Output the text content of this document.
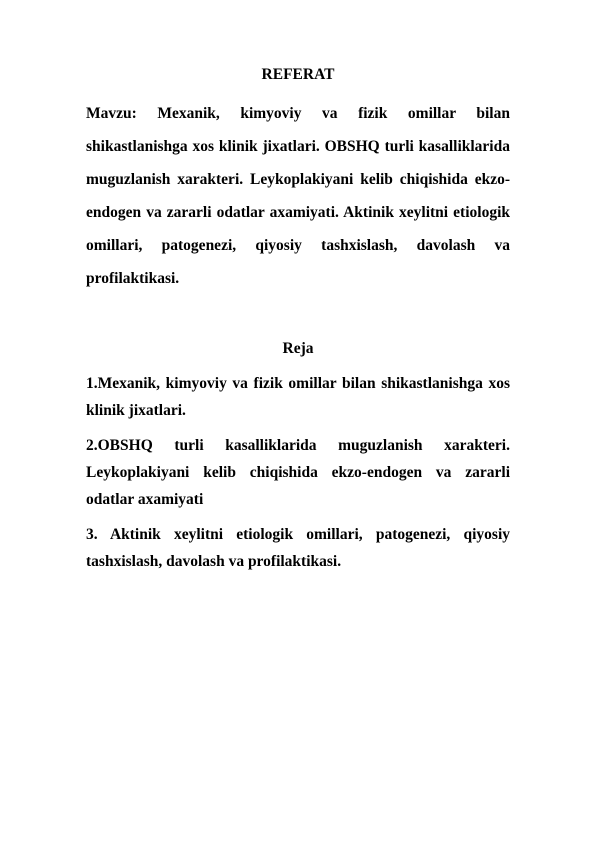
REFERAT

Mavzu: Mexanik, kimyoviy va fizik omillar bilan shikastlanishga xos klinik jixatlari. OBSHQ turli kasalliklarida muguzlanish xarakteri. Leykoplakiyani kelib chiqishida ekzo-endogen va zararli odatlar axamiyati. Aktinik xeylitni etiologik omillari, patogenezi, qiyosiy tashxislash, davolash va profilaktikasi.

Reja
1.Mexanik, kimyoviy va fizik omillar bilan shikastlanishga xos klinik jixatlari.
2.OBSHQ turli kasalliklarida muguzlanish xarakteri. Leykoplakiyani kelib chiqishida ekzo-endogen va zararli odatlar axamiyati
3. Aktinik xeylitni etiologik omillari, patogenezi, qiyosiy tashxislash, davolash va profilaktikasi.
